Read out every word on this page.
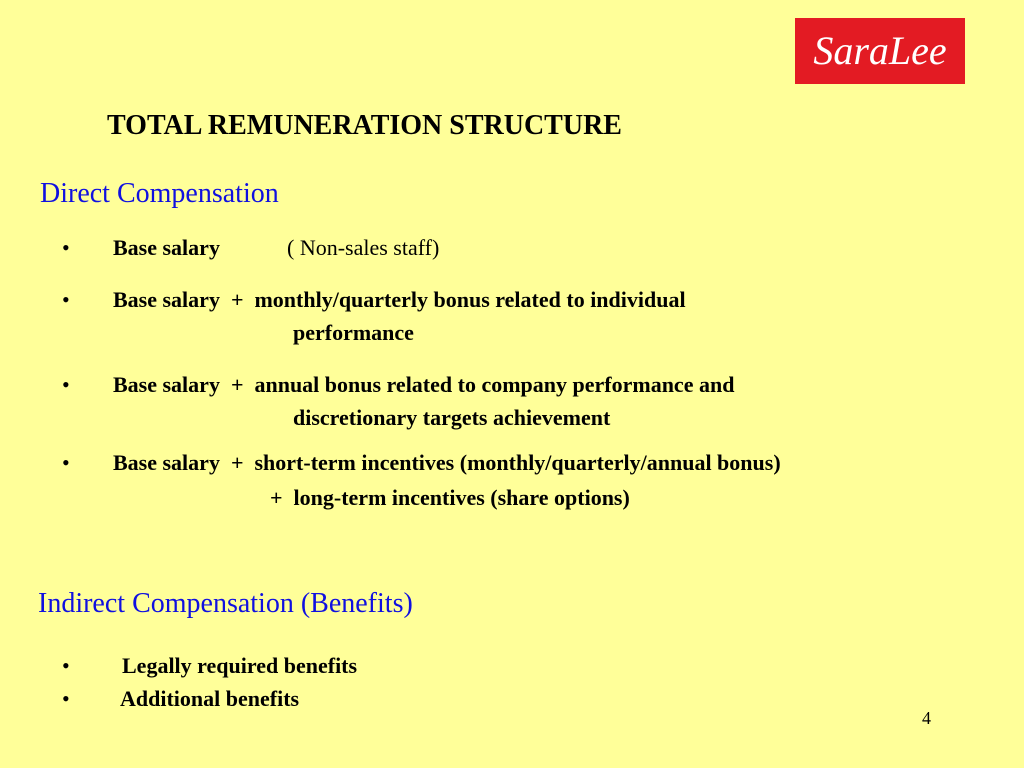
SaraLee
TOTAL REMUNERATION STRUCTURE
Direct Compensation
• Base salary	( Non-sales staff)
• Base salary  +  monthly/quarterly bonus related to individual
performance
• Base salary  +  annual bonus related to company performance and
discretionary targets achievement
• Base salary  +  short-term incentives (monthly/quarterly/annual bonus)
+  long-term incentives (share options)
Indirect Compensation (Benefits)
• Legally required benefits
• Additional benefits
4
